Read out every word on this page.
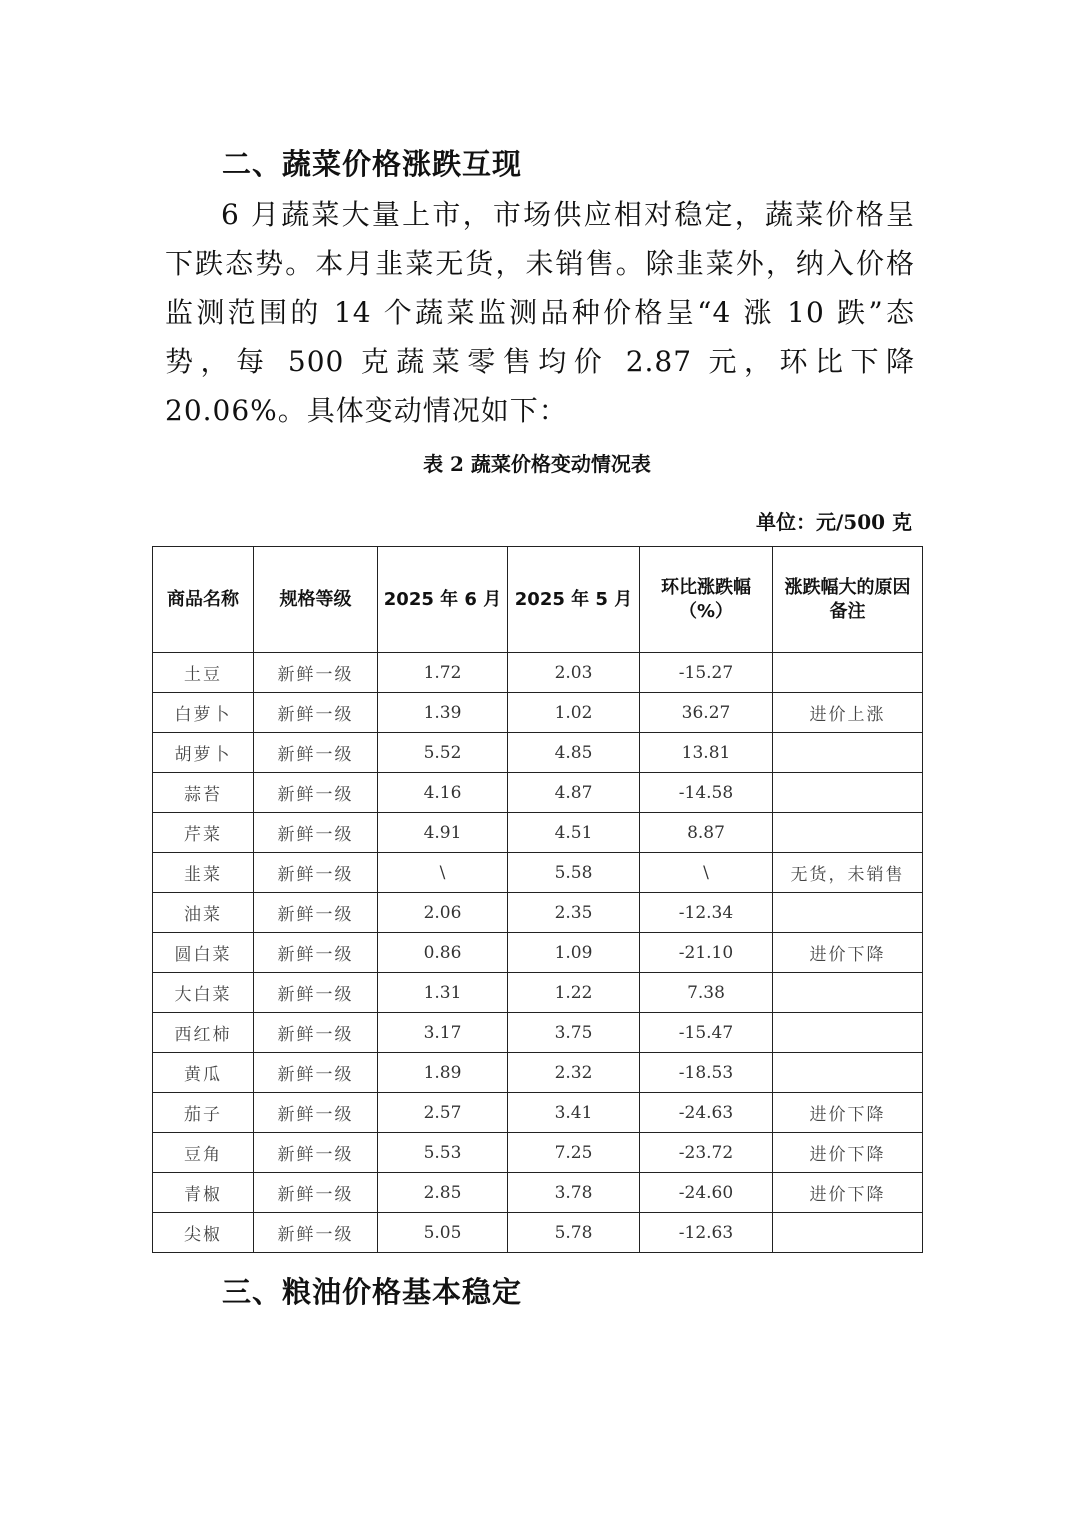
二、蔬菜价格涨跌互现

6 月蔬菜大量上市，市场供应相对稳定，蔬菜价格呈下跌态势。本月韭菜无货，未销售。除韭菜外，纳入价格监测范围的 14 个蔬菜监测品种价格呈“4 涨 10 跌”态势，每 500 克蔬菜零售均价 2.87 元，环比下降 20.06%。具体变动情况如下：

表 2 蔬菜价格变动情况表

单位：元/500 克

商品名称	规格等级	2025 年 6 月	2025 年 5 月	环比涨跌幅（%）	涨跌幅大的原因备注
土豆	新鲜一级	1.72	2.03	-15.27	
白萝卜	新鲜一级	1.39	1.02	36.27	进价上涨
胡萝卜	新鲜一级	5.52	4.85	13.81	
蒜苔	新鲜一级	4.16	4.87	-14.58	
芹菜	新鲜一级	4.91	4.51	8.87	
韭菜	新鲜一级	\	5.58	\	无货，未销售
油菜	新鲜一级	2.06	2.35	-12.34	
圆白菜	新鲜一级	0.86	1.09	-21.10	进价下降
大白菜	新鲜一级	1.31	1.22	7.38	
西红柿	新鲜一级	3.17	3.75	-15.47	
黄瓜	新鲜一级	1.89	2.32	-18.53	
茄子	新鲜一级	2.57	3.41	-24.63	进价下降
豆角	新鲜一级	5.53	7.25	-23.72	进价下降
青椒	新鲜一级	2.85	3.78	-24.60	进价下降
尖椒	新鲜一级	5.05	5.78	-12.63	
三、粮油价格基本稳定
